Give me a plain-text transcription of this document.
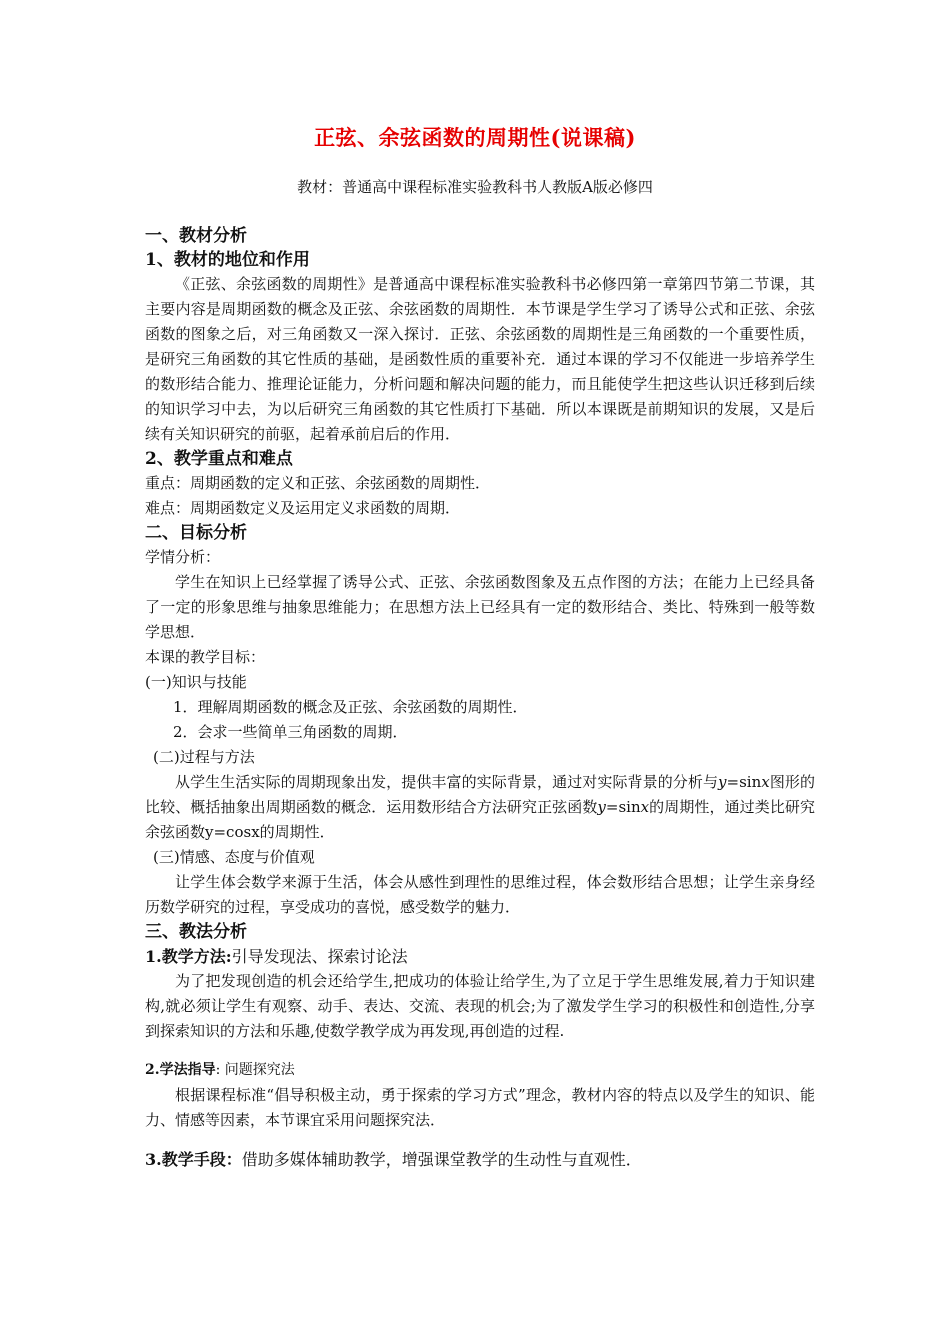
正弦、余弦函数的周期性(说课稿)
教材：普通高中课程标准实验教科书人教版A版必修四

一、教材分析

1、教材的地位和作用

《正弦、余弦函数的周期性》是普通高中课程标准实验教科书必修四第一章第四节第二节课，其主要内容是周期函数的概念及正弦、余弦函数的周期性．本节课是学生学习了诱导公式和正弦、余弦函数的图象之后，对三角函数又一深入探讨．正弦、余弦函数的周期性是三角函数的一个重要性质，是研究三角函数的其它性质的基础，是函数性质的重要补充．通过本课的学习不仅能进一步培养学生的数形结合能力、推理论证能力，分析问题和解决问题的能力，而且能使学生把这些认识迁移到后续的知识学习中去，为以后研究三角函数的其它性质打下基础．所以本课既是前期知识的发展，又是后续有关知识研究的前驱，起着承前启后的作用．

2、教学重点和难点

重点：周期函数的定义和正弦、余弦函数的周期性．

难点：周期函数定义及运用定义求函数的周期．

二、目标分析

学情分析：

学生在知识上已经掌握了诱导公式、正弦、余弦函数图象及五点作图的方法；在能力上已经具备了一定的形象思维与抽象思维能力；在思想方法上已经具有一定的数形结合、类比、特殊到一般等数学思想．

本课的教学目标：

(一)知识与技能

1．理解周期函数的概念及正弦、余弦函数的周期性．

2．会求一些简单三角函数的周期．

(二)过程与方法

从学生生活实际的周期现象出发，提供丰富的实际背景，通过对实际背景的分析与y=sinx图形的比较、概括抽象出周期函数的概念．运用数形结合方法研究正弦函数y=sinx的周期性，通过类比研究余弦函数y=cosx的周期性．

(三)情感、态度与价值观

让学生体会数学来源于生活，体会从感性到理性的思维过程，体会数形结合思想；让学生亲身经历数学研究的过程，享受成功的喜悦，感受数学的魅力．

三、教法分析

1.教学方法:引导发现法、探索讨论法

为了把发现创造的机会还给学生,把成功的体验让给学生,为了立足于学生思维发展,着力于知识建构,就必须让学生有观察、动手、表达、交流、表现的机会;为了激发学生学习的积极性和创造性,分享到探索知识的方法和乐趣,使数学教学成为再发现,再创造的过程.

2.学法指导: 问题探究法

根据课程标准“倡导积极主动，勇于探索的学习方式”理念，教材内容的特点以及学生的知识、能力、情感等因素，本节课宜采用问题探究法．

3.教学手段：借助多媒体辅助教学，增强课堂教学的生动性与直观性．
